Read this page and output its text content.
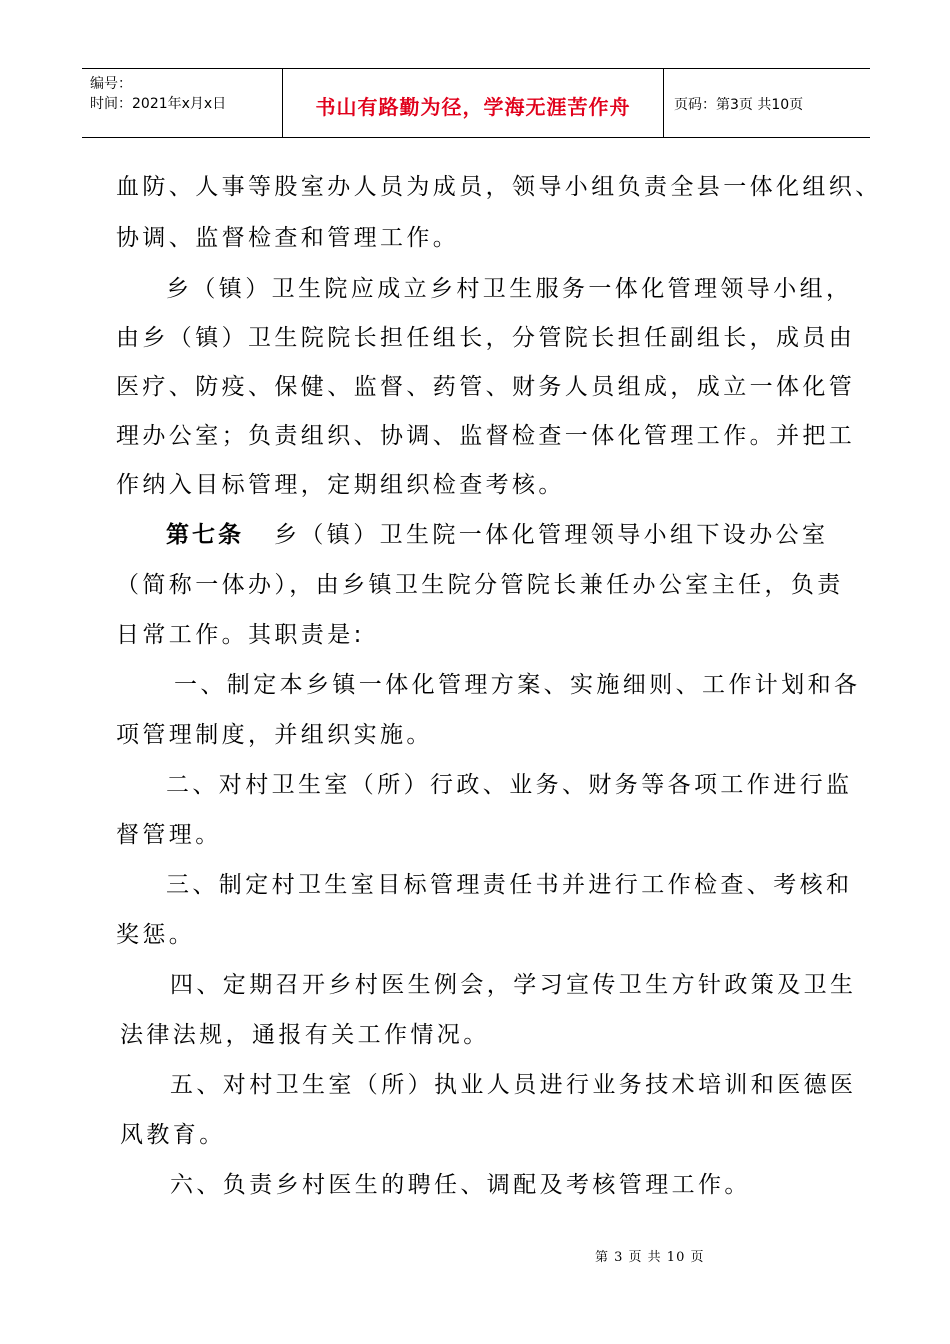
编号：
时间：2021年x月x日	书山有路勤为径，学海无涯苦作舟	页码：第3页 共10页
血防、人事等股室办人员为成员，领导小组负责全县一体化组织、
协调、监督检查和管理工作。
乡（镇）卫生院应成立乡村卫生服务一体化管理领导小组，
由乡（镇）卫生院院长担任组长，分管院长担任副组长，成员由
医疗、防疫、保健、监督、药管、财务人员组成，成立一体化管
理办公室；负责组织、协调、监督检查一体化管理工作。并把工
作纳入目标管理，定期组织检查考核。
第七条 乡（镇）卫生院一体化管理领导小组下设办公室
（简称一体办），由乡镇卫生院分管院长兼任办公室主任，负责
日常工作。其职责是:
一、制定本乡镇一体化管理方案、实施细则、工作计划和各
项管理制度，并组织实施。
二、对村卫生室（所）行政、业务、财务等各项工作进行监
督管理。
三、制定村卫生室目标管理责任书并进行工作检查、考核和
奖惩。
四、定期召开乡村医生例会，学习宣传卫生方针政策及卫生
法律法规，通报有关工作情况。
五、对村卫生室（所）执业人员进行业务技术培训和医德医
风教育。
六、负责乡村医生的聘任、调配及考核管理工作。
第 3 页 共 10 页
